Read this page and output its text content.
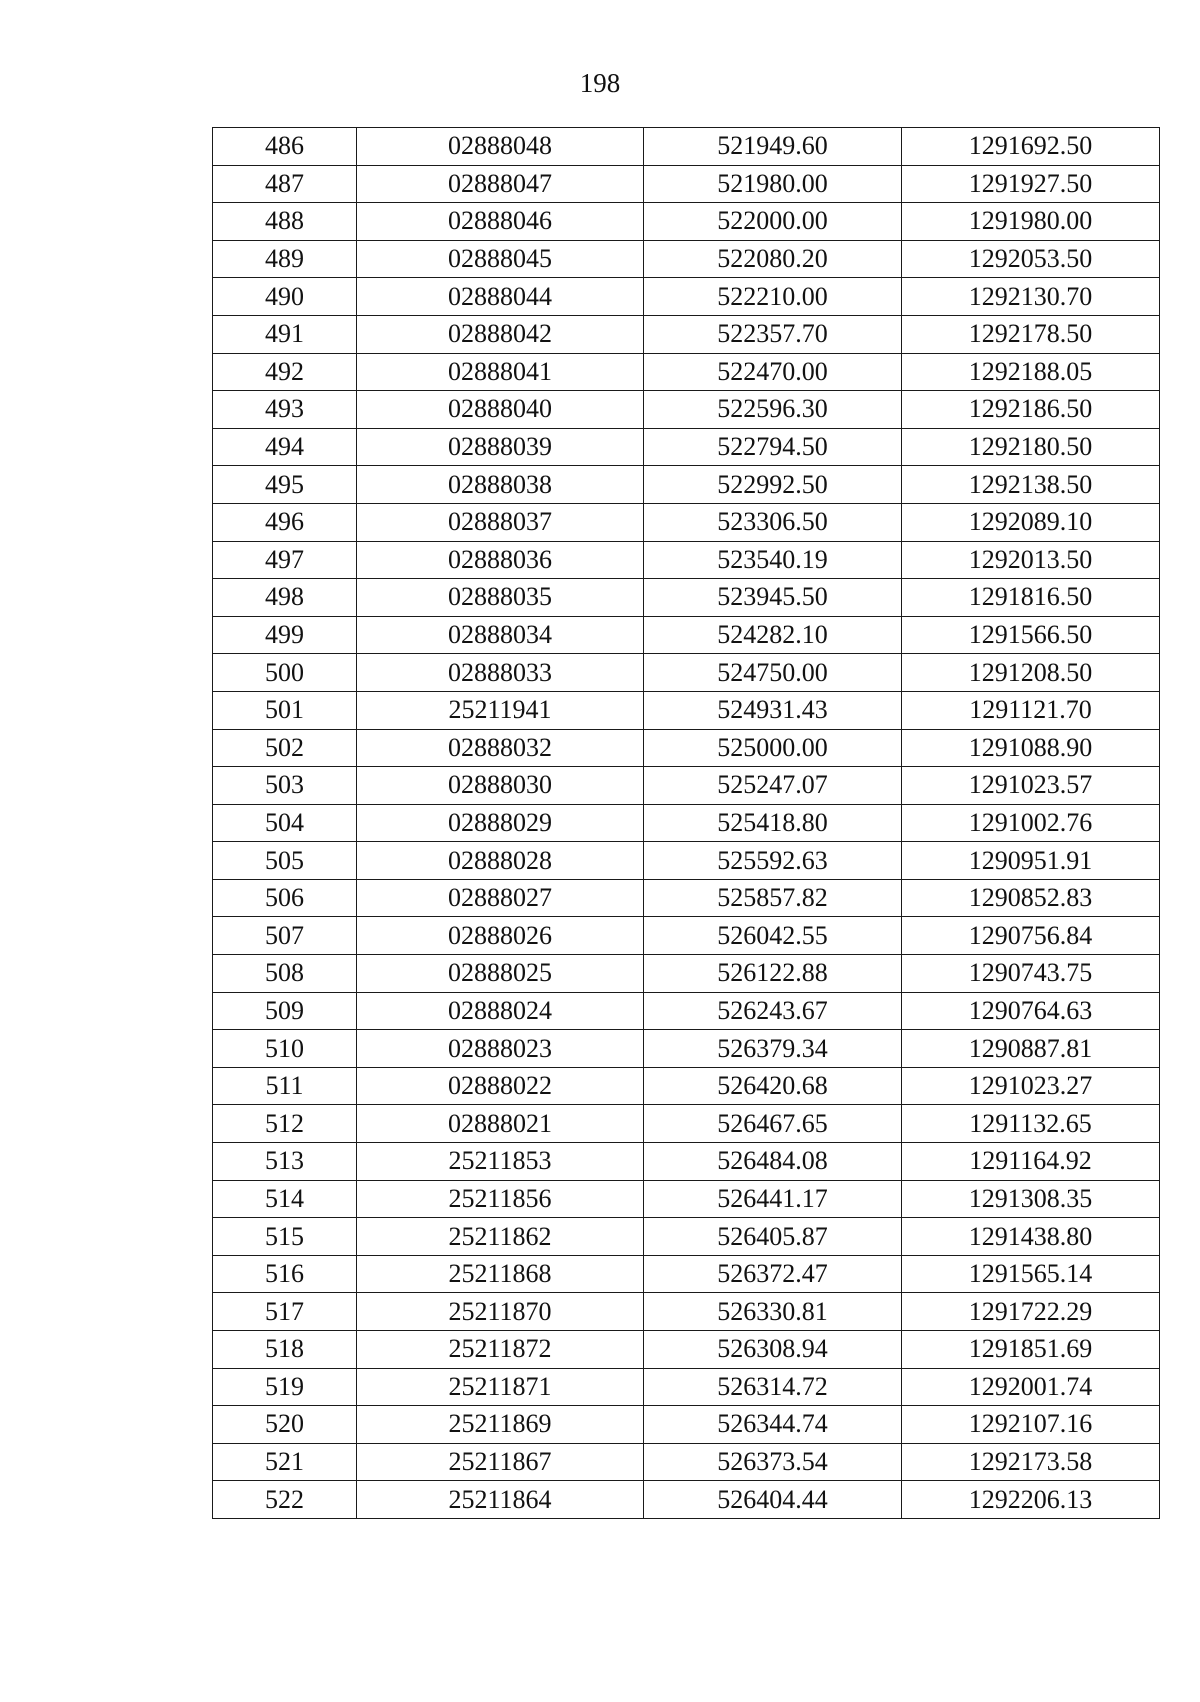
198
486	02888048	521949.60	1291692.50
487	02888047	521980.00	1291927.50
488	02888046	522000.00	1291980.00
489	02888045	522080.20	1292053.50
490	02888044	522210.00	1292130.70
491	02888042	522357.70	1292178.50
492	02888041	522470.00	1292188.05
493	02888040	522596.30	1292186.50
494	02888039	522794.50	1292180.50
495	02888038	522992.50	1292138.50
496	02888037	523306.50	1292089.10
497	02888036	523540.19	1292013.50
498	02888035	523945.50	1291816.50
499	02888034	524282.10	1291566.50
500	02888033	524750.00	1291208.50
501	25211941	524931.43	1291121.70
502	02888032	525000.00	1291088.90
503	02888030	525247.07	1291023.57
504	02888029	525418.80	1291002.76
505	02888028	525592.63	1290951.91
506	02888027	525857.82	1290852.83
507	02888026	526042.55	1290756.84
508	02888025	526122.88	1290743.75
509	02888024	526243.67	1290764.63
510	02888023	526379.34	1290887.81
511	02888022	526420.68	1291023.27
512	02888021	526467.65	1291132.65
513	25211853	526484.08	1291164.92
514	25211856	526441.17	1291308.35
515	25211862	526405.87	1291438.80
516	25211868	526372.47	1291565.14
517	25211870	526330.81	1291722.29
518	25211872	526308.94	1291851.69
519	25211871	526314.72	1292001.74
520	25211869	526344.74	1292107.16
521	25211867	526373.54	1292173.58
522	25211864	526404.44	1292206.13
